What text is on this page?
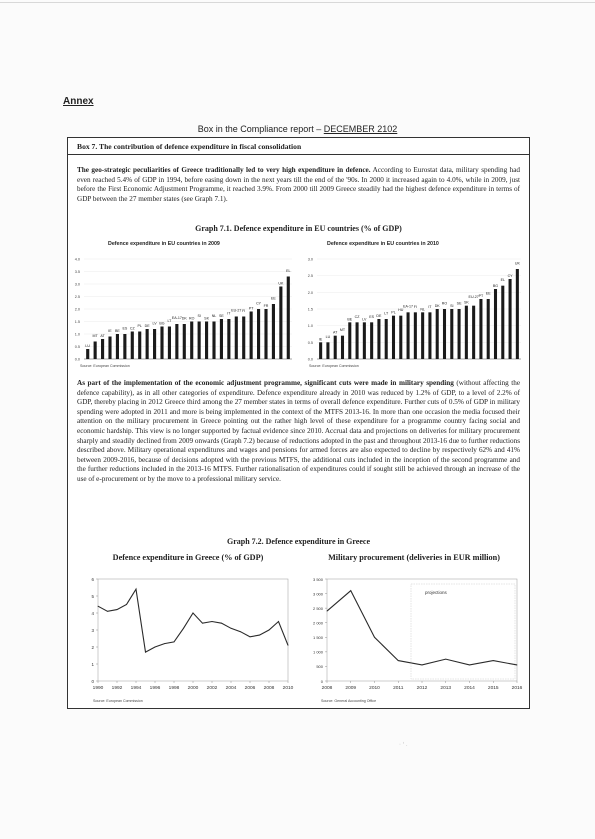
Annex
Box in the Compliance report – DECEMBER 2102
Box 7. The contribution of defence expenditure in fiscal consolidation
The geo-strategic peculiarities of Greece traditionally led to very high expenditure in defence. According to Eurostat data, military spending had even reached 5.4% of GDP in 1994, before easing down in the next years till the end of the '90s. In 2000 it increased again to 4.0%, while in 2009, just before the First Economic Adjustment Programme, it reached 3.9%. From 2000 till 2009 Greece steadily had the highest defence expenditure in terms of GDP between the 27 member states (see Graph 7.1).
Graph 7.1. Defence expenditure in EU countries (% of GDP)
Defence expenditure in EU countries in 2009
0.0
0.5
1.0
1.5
2.0
2.5
3.0
3.5
4.0
LU
MT AT
IE BE
ES CZ
PL DE
LV BG
LT
EA-17 DK RO
SI
SK
NL SE
IT
EU-27 FI
PT
CY
FR
EE
UK
EL
Source: European Commission
Defence expenditure in EU countries in 2010
0.0
0.5
1.0
1.5
2.0
2.5
3.0
IE
LU
AT
MT
BE
CZ
LV
ES DE
LT PL
HU
EA-17 FI
NL
IT DK
RO
SI
SE SK
EU-27 PT
EE
BG
EL
CY
UK
Source: European Commission
As part of the implementation of the economic adjustment programme, significant cuts were made in military spending (without affecting the defence capability), as in all other categories of expenditure. Defence expenditure already in 2010 was reduced by 1.2% of GDP, to a level of 2.2% of GDP, thereby placing in 2012 Greece third among the 27 member states in terms of overall defence expenditure. Further cuts of 0.5% of GDP in military spending were adopted in 2011 and more is being implemented in the context of the MTFS 2013-16. In more than one occasion the media focused their attention on the military procurement in Greece pointing out the rather high level of these expenditure for a programme country facing social and economic hardship. This view is no longer supported by factual evidence since 2010. Accrual data and projections on deliveries for military procurement sharply and steadily declined from 2009 onwards (Graph 7.2) because of reductions adopted in the past and throughout 2013-16 due to further reductions described above. Military operational expenditures and wages and pensions for armed forces are also expected to decline by respectively 62% and 41% between 2009-2016, because of decisions adopted with the previous MTFS, the additional cuts included in the inception of the second programme and the further reductions included in the 2013-16 MTFS. Further rationalisation of expenditures could if sought still be achieved through an increase of the use of e-procurement or by the move to a professional military service.
Graph 7.2. Defence expenditure in Greece
Defence expenditure in Greece (% of GDP)
0
1
2
3
4
5
6
1990 1992 1994 1996 1998 2000 2002 2004 2006 2008 2010
Source: European Commission
Military procurement (deliveries in EUR million)
0
500
1 000
1 500
2 000
2 500
3 000
3 500
2008	2009	2010	2011	2012	2013	2014	2015	2016
projections
Source: General Accounting Office
· ‘ .
